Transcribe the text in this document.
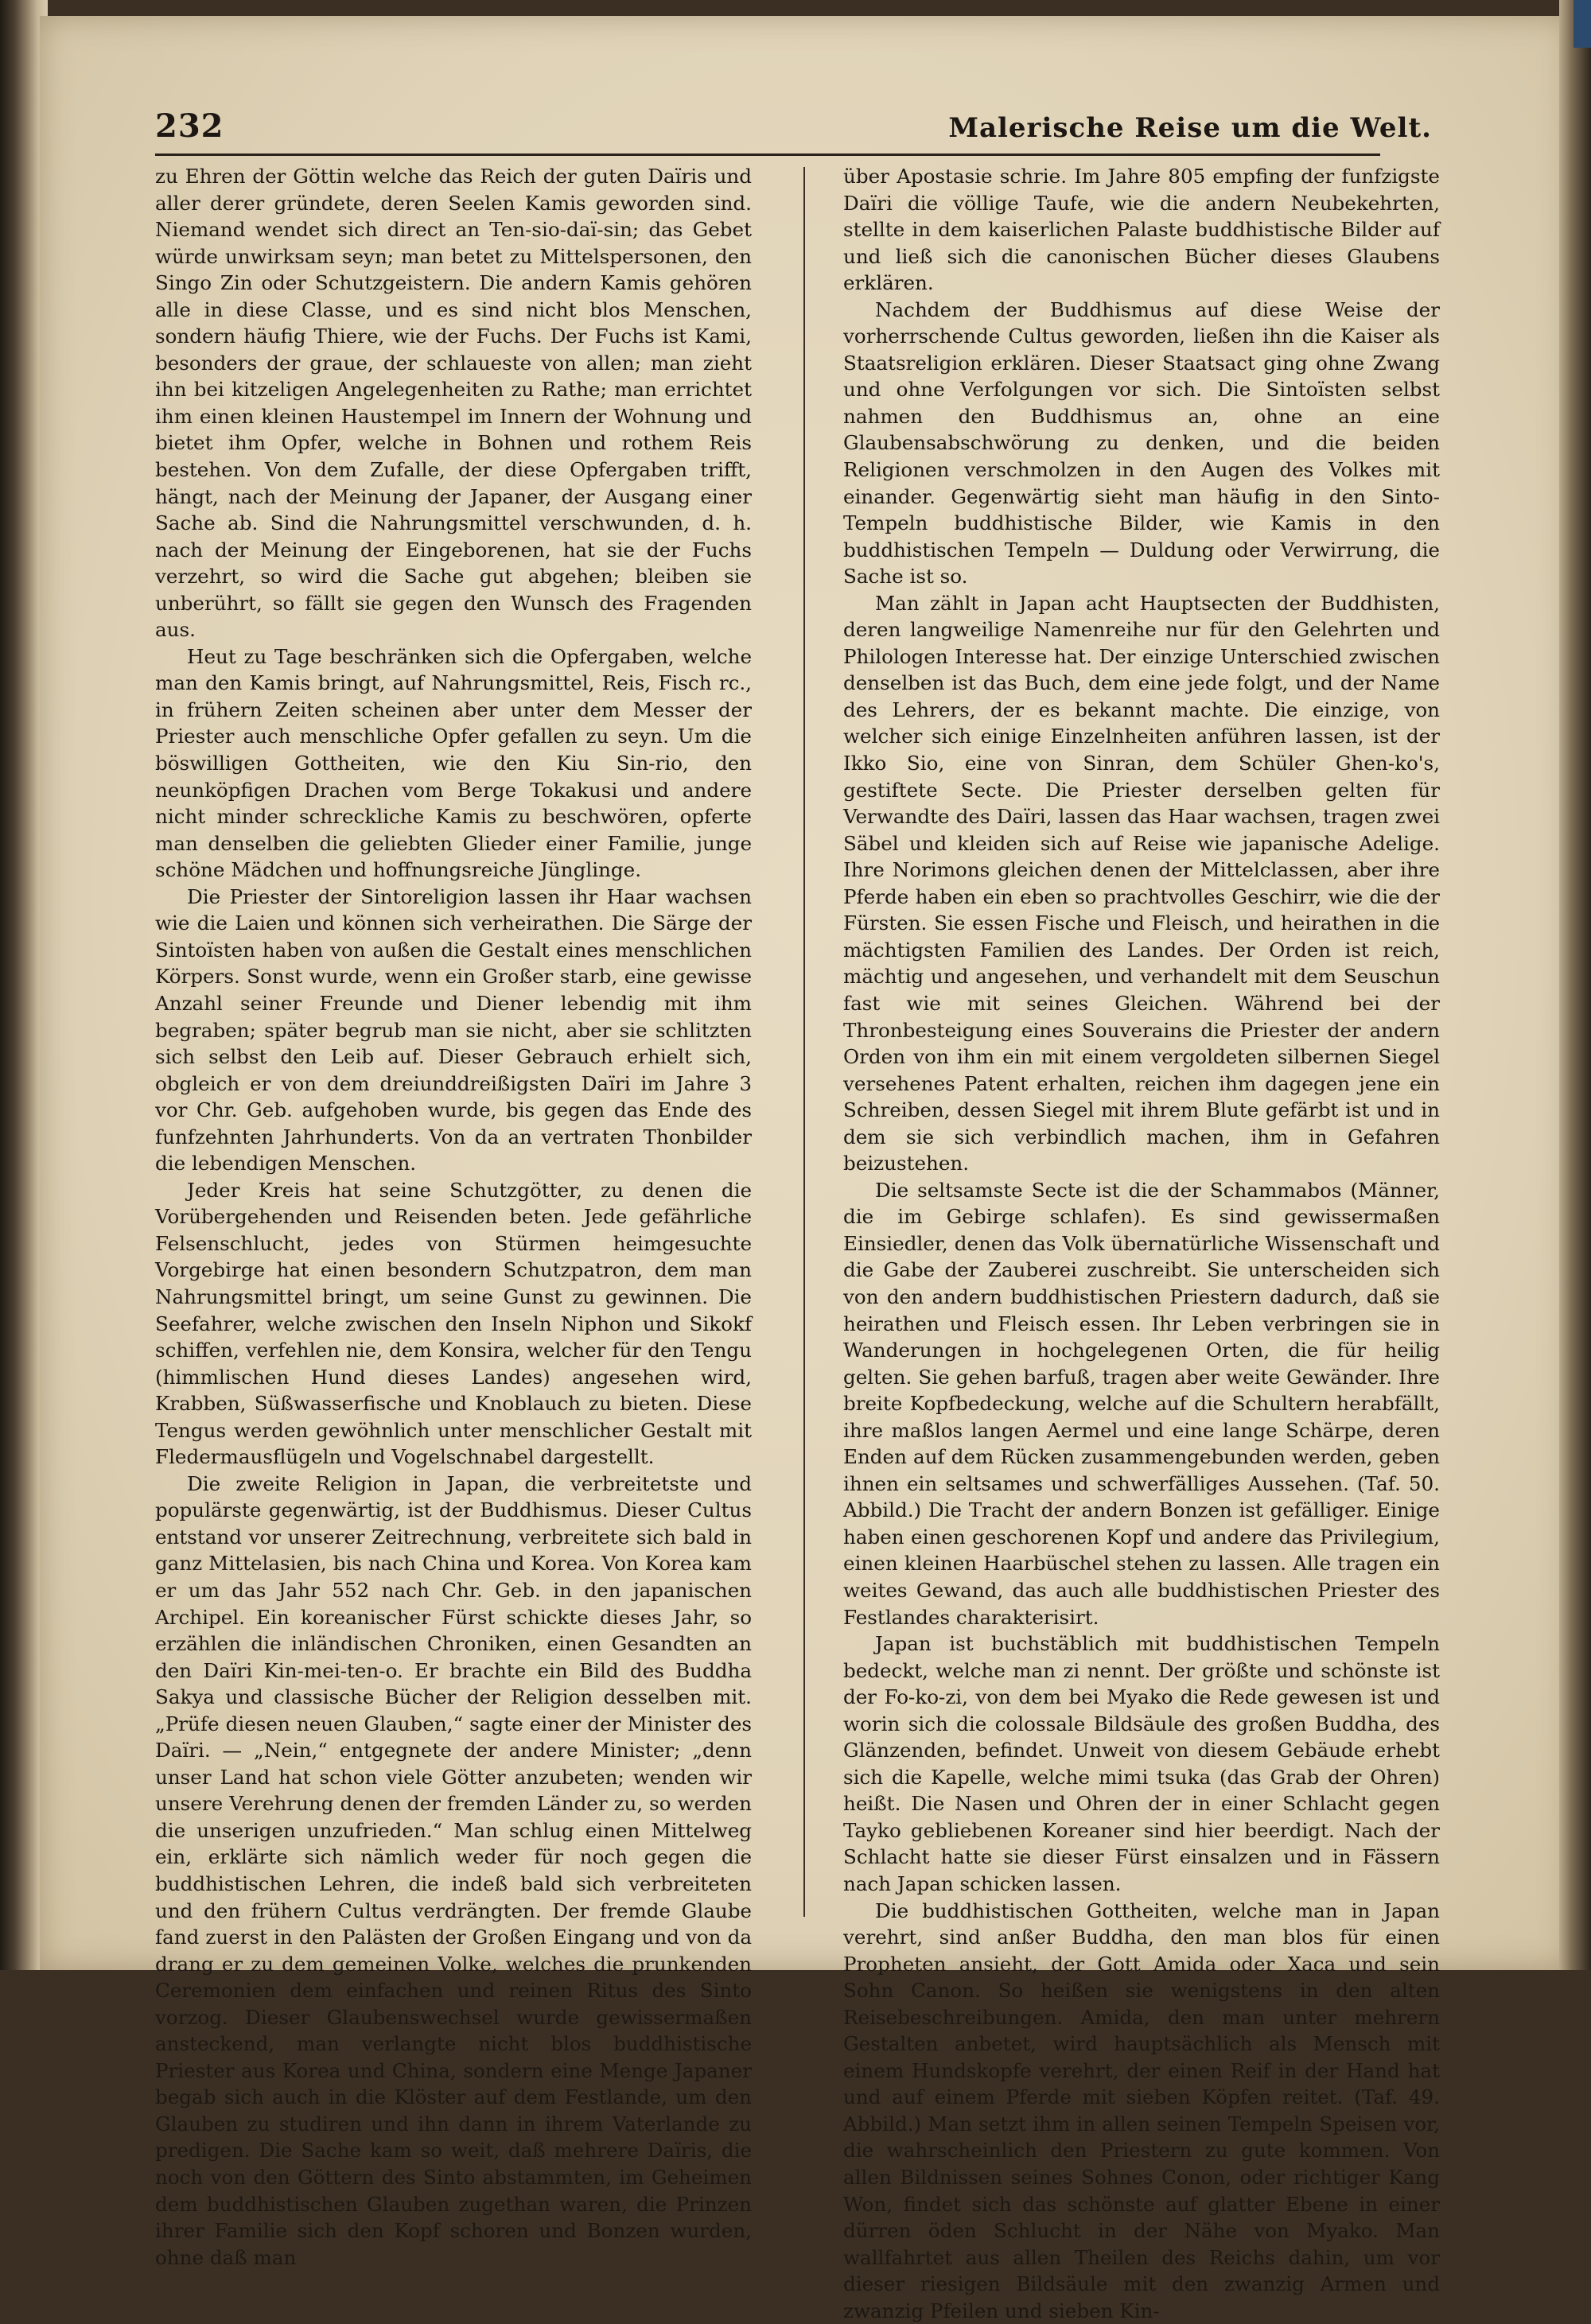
232	Malerische Reise um die Welt.

zu Ehren der Göttin welche das Reich der guten Daïris und aller derer gründete, deren Seelen Kamis geworden sind. Niemand wendet sich direct an Ten-sio-daï-sin; das Gebet würde unwirksam seyn; man betet zu Mittelspersonen, den Singo Zin oder Schutzgeistern. Die andern Kamis gehören alle in diese Classe, und es sind nicht blos Menschen, sondern häufig Thiere, wie der Fuchs. Der Fuchs ist Kami, besonders der graue, der schlaueste von allen; man zieht ihn bei kitzeligen Angelegenheiten zu Rathe; man errichtet ihm einen kleinen Haustempel im Innern der Wohnung und bietet ihm Opfer, welche in Bohnen und rothem Reis bestehen. Von dem Zufalle, der diese Opfergaben trifft, hängt, nach der Meinung der Japaner, der Ausgang einer Sache ab. Sind die Nahrungsmittel verschwunden, d. h. nach der Meinung der Eingeborenen, hat sie der Fuchs verzehrt, so wird die Sache gut abgehen; bleiben sie unberührt, so fällt sie gegen den Wunsch des Fragenden aus.

Heut zu Tage beschränken sich die Opfergaben, welche man den Kamis bringt, auf Nahrungsmittel, Reis, Fisch rc., in frühern Zeiten scheinen aber unter dem Messer der Priester auch menschliche Opfer gefallen zu seyn. Um die böswilligen Gottheiten, wie den Kiu Sin-rio, den neunköpfigen Drachen vom Berge Tokakusi und andere nicht minder schreckliche Kamis zu beschwören, opferte man denselben die geliebten Glieder einer Familie, junge schöne Mädchen und hoffnungsreiche Jünglinge.

Die Priester der Sintoreligion lassen ihr Haar wachsen wie die Laien und können sich verheirathen. Die Särge der Sintoïsten haben von außen die Gestalt eines menschlichen Körpers. Sonst wurde, wenn ein Großer starb, eine gewisse Anzahl seiner Freunde und Diener lebendig mit ihm begraben; später begrub man sie nicht, aber sie schlitzten sich selbst den Leib auf. Dieser Gebrauch erhielt sich, obgleich er von dem dreiunddreißigsten Daïri im Jahre 3 vor Chr. Geb. aufgehoben wurde, bis gegen das Ende des funfzehnten Jahrhunderts. Von da an vertraten Thonbilder die lebendigen Menschen.

Jeder Kreis hat seine Schutzgötter, zu denen die Vorübergehenden und Reisenden beten. Jede gefährliche Felsenschlucht, jedes von Stürmen heimgesuchte Vorgebirge hat einen besondern Schutzpatron, dem man Nahrungsmittel bringt, um seine Gunst zu gewinnen. Die Seefahrer, welche zwischen den Inseln Niphon und Sikokf schiffen, verfehlen nie, dem Konsira, welcher für den Tengu (himmlischen Hund dieses Landes) angesehen wird, Krabben, Süßwasserfische und Knoblauch zu bieten. Diese Tengus werden gewöhnlich unter menschlicher Gestalt mit Fledermausflügeln und Vogelschnabel dargestellt.

Die zweite Religion in Japan, die verbreitetste und populärste gegenwärtig, ist der Buddhismus. Dieser Cultus entstand vor unserer Zeitrechnung, verbreitete sich bald in ganz Mittelasien, bis nach China und Korea. Von Korea kam er um das Jahr 552 nach Chr. Geb. in den japanischen Archipel. Ein koreanischer Fürst schickte dieses Jahr, so erzählen die inländischen Chroniken, einen Gesandten an den Daïri Kin-mei-ten-o. Er brachte ein Bild des Buddha Sakya und classische Bücher der Religion desselben mit. „Prüfe diesen neuen Glauben,“ sagte einer der Minister des Daïri. — „Nein,“ entgegnete der andere Minister; „denn unser Land hat schon viele Götter anzubeten; wenden wir unsere Verehrung denen der fremden Länder zu, so werden die unserigen unzufrieden.“ Man schlug einen Mittelweg ein, erklärte sich nämlich weder für noch gegen die buddhistischen Lehren, die indeß bald sich verbreiteten und den frühern Cultus verdrängten. Der fremde Glaube fand zuerst in den Palästen der Großen Eingang und von da drang er zu dem gemeinen Volke, welches die prunkenden Ceremonien dem einfachen und reinen Ritus des Sinto vorzog. Dieser Glaubenswechsel wurde gewissermaßen ansteckend, man verlangte nicht blos buddhistische Priester aus Korea und China, sondern eine Menge Japaner begab sich auch in die Klöster auf dem Festlande, um den Glauben zu studiren und ihn dann in ihrem Vaterlande zu predigen. Die Sache kam so weit, daß mehrere Daïris, die noch von den Göttern des Sinto abstammten, im Geheimen dem buddhistischen Glauben zugethan waren, die Prinzen ihrer Familie sich den Kopf schoren und Bonzen wurden, ohne daß man

über Apostasie schrie. Im Jahre 805 empfing der funfzigste Daïri die völlige Taufe, wie die andern Neubekehrten, stellte in dem kaiserlichen Palaste buddhistische Bilder auf und ließ sich die canonischen Bücher dieses Glaubens erklären.

Nachdem der Buddhismus auf diese Weise der vorherrschende Cultus geworden, ließen ihn die Kaiser als Staatsreligion erklären. Dieser Staatsact ging ohne Zwang und ohne Verfolgungen vor sich. Die Sintoïsten selbst nahmen den Buddhismus an, ohne an eine Glaubensabschwörung zu denken, und die beiden Religionen verschmolzen in den Augen des Volkes mit einander. Gegenwärtig sieht man häufig in den Sinto-Tempeln buddhistische Bilder, wie Kamis in den buddhistischen Tempeln — Duldung oder Verwirrung, die Sache ist so.

Man zählt in Japan acht Hauptsecten der Buddhisten, deren langweilige Namenreihe nur für den Gelehrten und Philologen Interesse hat. Der einzige Unterschied zwischen denselben ist das Buch, dem eine jede folgt, und der Name des Lehrers, der es bekannt machte. Die einzige, von welcher sich einige Einzelnheiten anführen lassen, ist der Ikko Sio, eine von Sinran, dem Schüler Ghen-ko's, gestiftete Secte. Die Priester derselben gelten für Verwandte des Daïri, lassen das Haar wachsen, tragen zwei Säbel und kleiden sich auf Reise wie japanische Adelige. Ihre Norimons gleichen denen der Mittelclassen, aber ihre Pferde haben ein eben so prachtvolles Geschirr, wie die der Fürsten. Sie essen Fische und Fleisch, und heirathen in die mächtigsten Familien des Landes. Der Orden ist reich, mächtig und angesehen, und verhandelt mit dem Seuschun fast wie mit seines Gleichen. Während bei der Thronbesteigung eines Souverains die Priester der andern Orden von ihm ein mit einem vergoldeten silbernen Siegel versehenes Patent erhalten, reichen ihm dagegen jene ein Schreiben, dessen Siegel mit ihrem Blute gefärbt ist und in dem sie sich verbindlich machen, ihm in Gefahren beizustehen.

Die seltsamste Secte ist die der Schammabos (Männer, die im Gebirge schlafen). Es sind gewissermaßen Einsiedler, denen das Volk übernatürliche Wissenschaft und die Gabe der Zauberei zuschreibt. Sie unterscheiden sich von den andern buddhistischen Priestern dadurch, daß sie heirathen und Fleisch essen. Ihr Leben verbringen sie in Wanderungen in hochgelegenen Orten, die für heilig gelten. Sie gehen barfuß, tragen aber weite Gewänder. Ihre breite Kopfbedeckung, welche auf die Schultern herabfällt, ihre maßlos langen Aermel und eine lange Schärpe, deren Enden auf dem Rücken zusammengebunden werden, geben ihnen ein seltsames und schwerfälliges Aussehen. (Taf. 50. Abbild.) Die Tracht der andern Bonzen ist gefälliger. Einige haben einen geschorenen Kopf und andere das Privilegium, einen kleinen Haarbüschel stehen zu lassen. Alle tragen ein weites Gewand, das auch alle buddhistischen Priester des Festlandes charakterisirt.

Japan ist buchstäblich mit buddhistischen Tempeln bedeckt, welche man zi nennt. Der größte und schönste ist der Fo-ko-zi, von dem bei Myako die Rede gewesen ist und worin sich die colossale Bildsäule des großen Buddha, des Glänzenden, befindet. Unweit von diesem Gebäude erhebt sich die Kapelle, welche mimi tsuka (das Grab der Ohren) heißt. Die Nasen und Ohren der in einer Schlacht gegen Tayko gebliebenen Koreaner sind hier beerdigt. Nach der Schlacht hatte sie dieser Fürst einsalzen und in Fässern nach Japan schicken lassen.

Die buddhistischen Gottheiten, welche man in Japan verehrt, sind anßer Buddha, den man blos für einen Propheten ansieht, der Gott Amida oder Xaca und sein Sohn Canon. So heißen sie wenigstens in den alten Reisebeschreibungen. Amida, den man unter mehrern Gestalten anbetet, wird hauptsächlich als Mensch mit einem Hundskopfe verehrt, der einen Reif in der Hand hat und auf einem Pferde mit sieben Köpfen reitet. (Taf. 49. Abbild.) Man setzt ihm in allen seinen Tempeln Speisen vor, die wahrscheinlich den Priestern zu gute kommen. Von allen Bildnissen seines Sohnes Conon, oder richtiger Kang Won, findet sich das schönste auf glatter Ebene in einer dürren öden Schlucht in der Nähe von Myako. Man wallfahrtet aus allen Theilen des Reichs dahin, um vor dieser riesigen Bildsäule mit den zwanzig Armen und zwanzig Pfeilen und sieben Kin-
